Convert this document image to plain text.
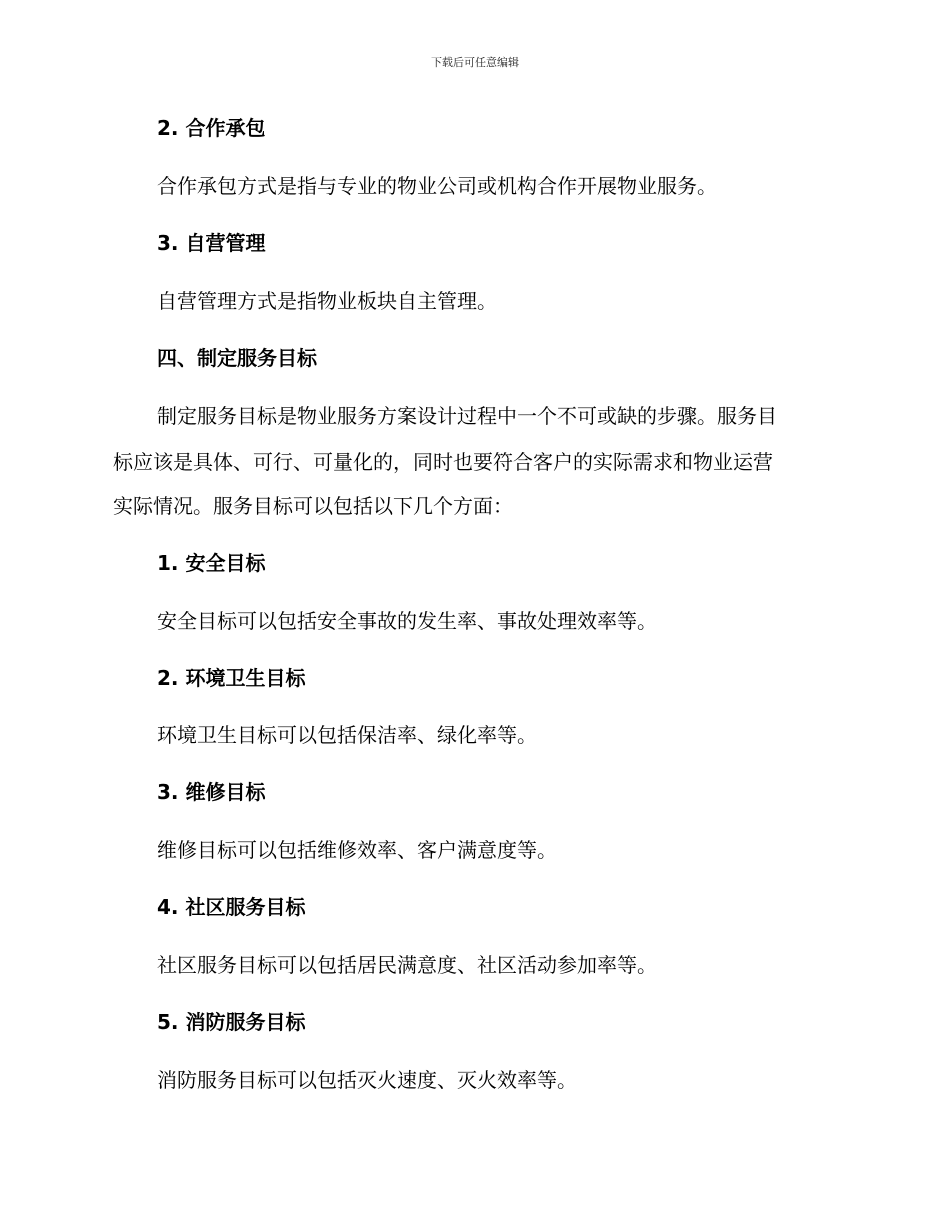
下载后可任意编辑
2. 合作承包
合作承包方式是指与专业的物业公司或机构合作开展物业服务。
3. 自营管理
自营管理方式是指物业板块自主管理。
四、制定服务目标
制定服务目标是物业服务方案设计过程中一个不可或缺的步骤。服务目
标应该是具体、可行、可量化的，同时也要符合客户的实际需求和物业运营
实际情况。服务目标可以包括以下几个方面：
1. 安全目标
安全目标可以包括安全事故的发生率、事故处理效率等。
2. 环境卫生目标
环境卫生目标可以包括保洁率、绿化率等。
3. 维修目标
维修目标可以包括维修效率、客户满意度等。
4. 社区服务目标
社区服务目标可以包括居民满意度、社区活动参加率等。
5. 消防服务目标
消防服务目标可以包括灭火速度、灭火效率等。
